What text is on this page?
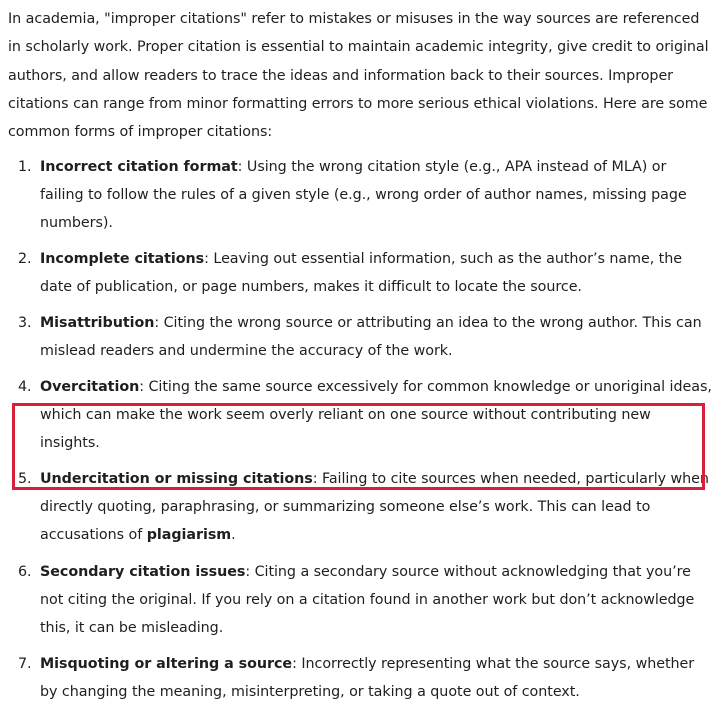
In academia, "improper citations" refer to mistakes or misuses in the way sources are referenced in scholarly work. Proper citation is essential to maintain academic integrity, give credit to original authors, and allow readers to trace the ideas and information back to their sources. Improper citations can range from minor formatting errors to more serious ethical violations. Here are some common forms of improper citations:

1. Incorrect citation format: Using the wrong citation style (e.g., APA instead of MLA) or failing to follow the rules of a given style (e.g., wrong order of author names, missing page numbers).
2. Incomplete citations: Leaving out essential information, such as the author’s name, the date of publication, or page numbers, makes it difficult to locate the source.
3. Misattribution: Citing the wrong source or attributing an idea to the wrong author. This can mislead readers and undermine the accuracy of the work.
4. Overcitation: Citing the same source excessively for common knowledge or unoriginal ideas, which can make the work seem overly reliant on one source without contributing new insights.
5. Undercitation or missing citations: Failing to cite sources when needed, particularly when directly quoting, paraphrasing, or summarizing someone else’s work. This can lead to accusations of plagiarism.
6. Secondary citation issues: Citing a secondary source without acknowledging that you’re not citing the original. If you rely on a citation found in another work but don’t acknowledge this, it can be misleading.
7. Misquoting or altering a source: Incorrectly representing what the source says, whether by changing the meaning, misinterpreting, or taking a quote out of context.
